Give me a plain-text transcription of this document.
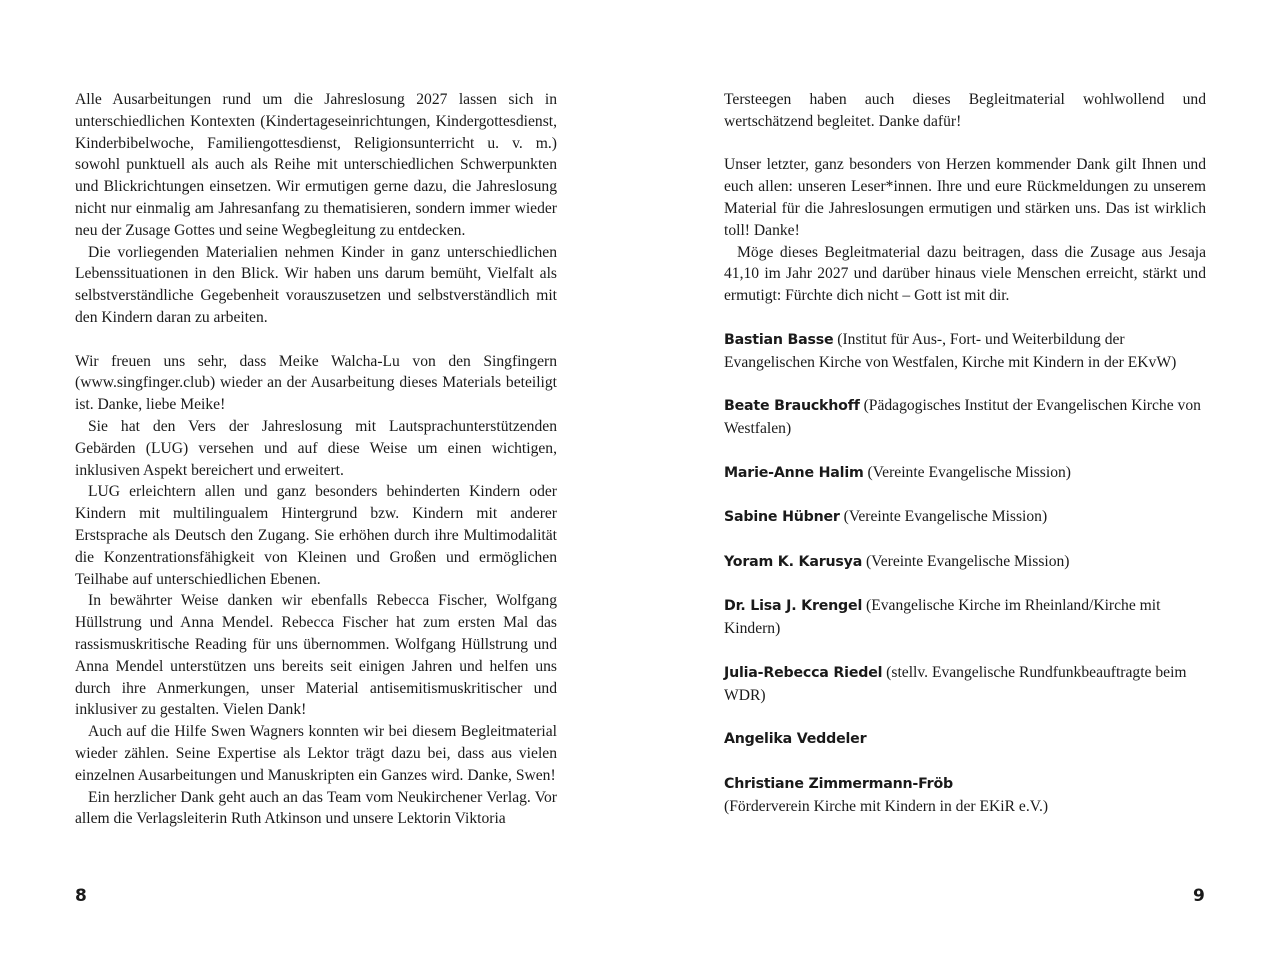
Alle Ausarbeitungen rund um die Jahreslosung 2027 lassen sich in unterschiedlichen Kontexten (Kindertageseinrichtungen, Kindergottesdienst, Kinderbibelwoche, Familiengottesdienst, Religionsunterricht u. v. m.) sowohl punktuell als auch als Reihe mit unterschiedlichen Schwerpunkten und Blickrichtungen einsetzen. Wir ermutigen gerne dazu, die Jahreslosung nicht nur einmalig am Jahresanfang zu thematisieren, sondern immer wieder neu der Zusage Gottes und seine Wegbegleitung zu entdecken.

Die vorliegenden Materialien nehmen Kinder in ganz unterschiedlichen Lebenssituationen in den Blick. Wir haben uns darum bemüht, Vielfalt als selbstverständliche Gegebenheit vorauszusetzen und selbstverständlich mit den Kindern daran zu arbeiten.

Wir freuen uns sehr, dass Meike Walcha-Lu von den Singfingern (www.singfinger.club) wieder an der Ausarbeitung dieses Materials beteiligt ist. Danke, liebe Meike!

Sie hat den Vers der Jahreslosung mit Lautsprachunterstützenden Gebärden (LUG) versehen und auf diese Weise um einen wichtigen, inklusiven Aspekt bereichert und erweitert.

LUG erleichtern allen und ganz besonders behinderten Kindern oder Kindern mit multilingualem Hintergrund bzw. Kindern mit anderer Erstsprache als Deutsch den Zugang. Sie erhöhen durch ihre Multimodalität die Konzentrationsfähigkeit von Kleinen und Großen und ermöglichen Teilhabe auf unterschiedlichen Ebenen.

In bewährter Weise danken wir ebenfalls Rebecca Fischer, Wolfgang Hüllstrung und Anna Mendel. Rebecca Fischer hat zum ersten Mal das rassismuskritische Reading für uns übernommen. Wolfgang Hüllstrung und Anna Mendel unterstützen uns bereits seit einigen Jahren und helfen uns durch ihre Anmerkungen, unser Material antisemitismuskritischer und inklusiver zu gestalten. Vielen Dank!

Auch auf die Hilfe Swen Wagners konnten wir bei diesem Begleitmaterial wieder zählen. Seine Expertise als Lektor trägt dazu bei, dass aus vielen einzelnen Ausarbeitungen und Manuskripten ein Ganzes wird. Danke, Swen!

Ein herzlicher Dank geht auch an das Team vom Neukirchener Verlag. Vor allem die Verlagsleiterin Ruth Atkinson und unsere Lektorin Viktoria

Tersteegen haben auch dieses Begleitmaterial wohlwollend und wertschätzend begleitet. Danke dafür!

Unser letzter, ganz besonders von Herzen kommender Dank gilt Ihnen und euch allen: unseren Leser*innen. Ihre und eure Rückmeldungen zu unserem Material für die Jahreslosungen ermutigen und stärken uns. Das ist wirklich toll! Danke!

Möge dieses Begleitmaterial dazu beitragen, dass die Zusage aus Jesaja 41,10 im Jahr 2027 und darüber hinaus viele Menschen erreicht, stärkt und ermutigt: Fürchte dich nicht – Gott ist mit dir.

Bastian Basse (Institut für Aus-, Fort- und Weiterbildung der Evangelischen Kirche von Westfalen, Kirche mit Kindern in der EKvW)

Beate Brauckhoff (Pädagogisches Institut der Evangelischen Kirche von Westfalen)

Marie-Anne Halim (Vereinte Evangelische Mission)

Sabine Hübner (Vereinte Evangelische Mission)

Yoram K. Karusya (Vereinte Evangelische Mission)

Dr. Lisa J. Krengel (Evangelische Kirche im Rheinland/Kirche mit Kindern)

Julia-Rebecca Riedel (stellv. Evangelische Rundfunkbeauftragte beim WDR)

Angelika Veddeler

Christiane Zimmermann-Fröb
(Förderverein Kirche mit Kindern in der EKiR e.V.)

8	9
